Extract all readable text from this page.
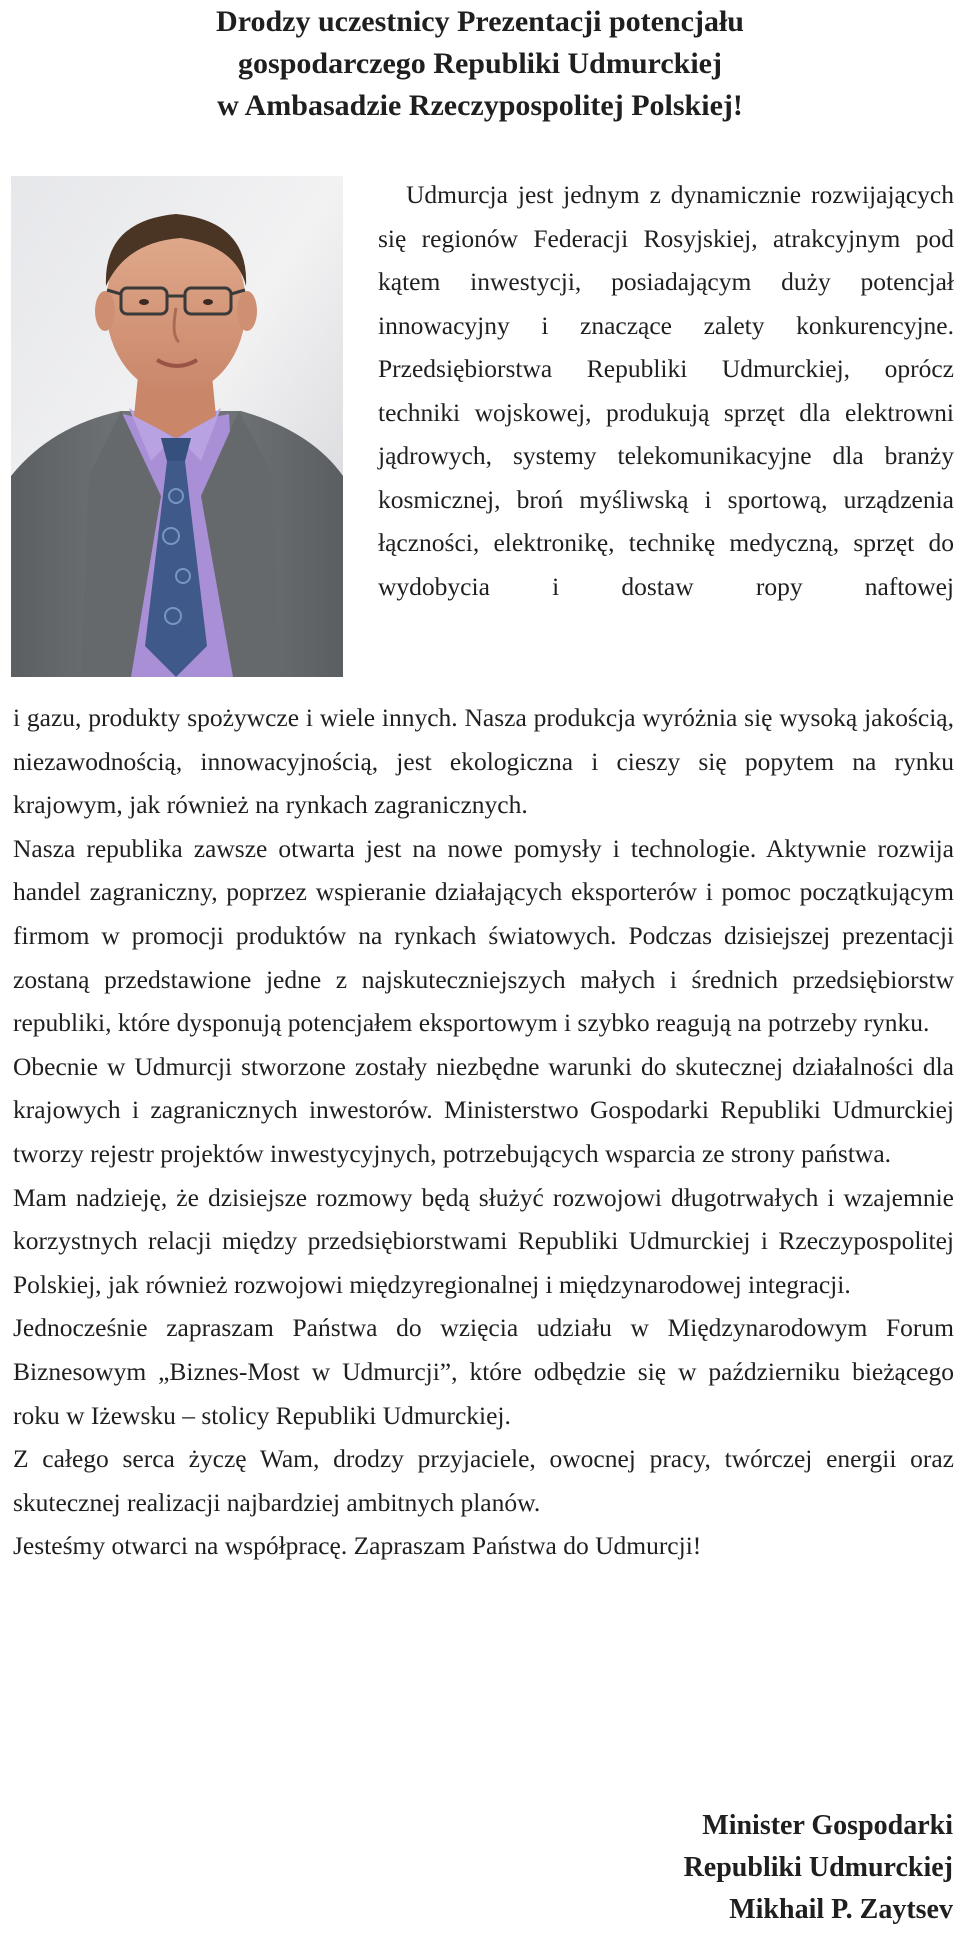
Drodzy uczestnicy Prezentacji potencjału
gospodarczego Republiki Udmurckiej
w Ambasadzie Rzeczypospolitej Polskiej!

Udmurcja jest jednym z dynamicznie rozwijających się regionów Federacji Rosyjskiej, atrakcyjnym pod kątem inwestycji, posiadającym duży potencjał innowacyjny i znaczące zalety konkurencyjne.

Przedsiębiorstwa Republiki Udmurckiej, oprócz techniki wojskowej, produkują sprzęt dla elektrowni jądrowych, systemy telekomunikacyjne dla branży kosmicznej, broń myśliwską i sportową, urządzenia łączności, elektronikę, technikę medyczną, sprzęt do wydobycia i dostaw ropy naftowej

i gazu, produkty spożywcze i wiele innych. Nasza produkcja wyróżnia się wysoką jakością, niezawodnością, innowacyjnością, jest ekologiczna i cieszy się popytem na rynku krajowym, jak również na rynkach zagranicznych.

Nasza republika zawsze otwarta jest na nowe pomysły i technologie. Aktywnie rozwija handel zagraniczny, poprzez wspieranie działających eksporterów i pomoc początkującym firmom w promocji produktów na rynkach światowych. Podczas dzisiejszej prezentacji zostaną przedstawione jedne z najskuteczniejszych małych i średnich przedsiębiorstw republiki, które dysponują potencjałem eksportowym i szybko reagują na potrzeby rynku.

Obecnie w Udmurcji stworzone zostały niezbędne warunki do skutecznej działalności dla krajowych i zagranicznych inwestorów. Ministerstwo Gospodarki Republiki Udmurckiej tworzy rejestr projektów inwestycyjnych, potrzebujących wsparcia ze strony państwa.

Mam nadzieję, że dzisiejsze rozmowy będą służyć rozwojowi długotrwałych i wzajemnie korzystnych relacji między przedsiębiorstwami Republiki Udmurckiej i Rzeczypospolitej Polskiej, jak również rozwojowi międzyregionalnej i międzynarodowej integracji.

Jednocześnie zapraszam Państwa do wzięcia udziału w Międzynarodowym Forum Biznesowym „Biznes-Most w Udmurcji”, które odbędzie się w październiku bieżącego roku w Iżewsku – stolicy Republiki Udmurckiej.

Z całego serca życzę Wam, drodzy przyjaciele, owocnej pracy, twórczej energii oraz skutecznej realizacji najbardziej ambitnych planów.

Jesteśmy otwarci na współpracę. Zapraszam Państwa do Udmurcji!

Minister Gospodarki
Republiki Udmurckiej
Mikhail P. Zaytsev
